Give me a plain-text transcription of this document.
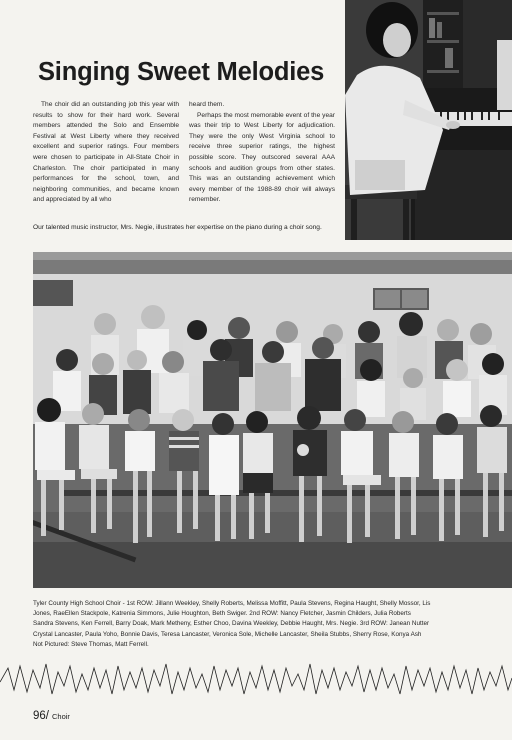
Singing Sweet Melodies

The choir did an outstanding job this year with results to show for their hard work. Several members attended the Solo and Ensemble Festival at West Liberty where they received excellent and superior ratings. Four members were chosen to participate in All-State Choir in Charleston. The choir participated in many performances for the school, town, and neighboring communities, and became known and appreciated by all who

heard them.

Perhaps the most memorable event of the year was their trip to West Liberty for adjudication. They were the only West Virginia school to receive three superior ratings, the highest possible score. They outscored several AAA schools and audition groups from other states. This was an outstanding achievement which every member of the 1988-89 choir will always remember.

Our talented music instructor, Mrs. Negie, illustrates her expertise on the piano during a choir song.
Tyler County High School Choir - 1st ROW: Jillann Weekley, Shelly Roberts, Melissa Moffitt, Paula Stevens, Regina Haught, Shelly Mossor, Lis
Jones, RaeEllen Stackpole, Katrenia Simmons, Julie Houghton, Beth Swiger. 2nd ROW: Nancy Fletcher, Jasmin Childers, Julia Roberts
Sandra Stevens, Ken Ferrell, Barry Doak, Mark Metheny, Esther Choo, Davina Weekley, Debbie Haught, Mrs. Negie. 3rd ROW: Janean Nutter
Crystal Lancaster, Paula Yoho, Bonnie Davis, Teresa Lancaster, Veronica Sole, Michelle Lancaster, Sheila Stubbs, Sherry Rose, Konya Ash
Not Pictured: Steve Thomas, Matt Ferrell.
96/ Choir
